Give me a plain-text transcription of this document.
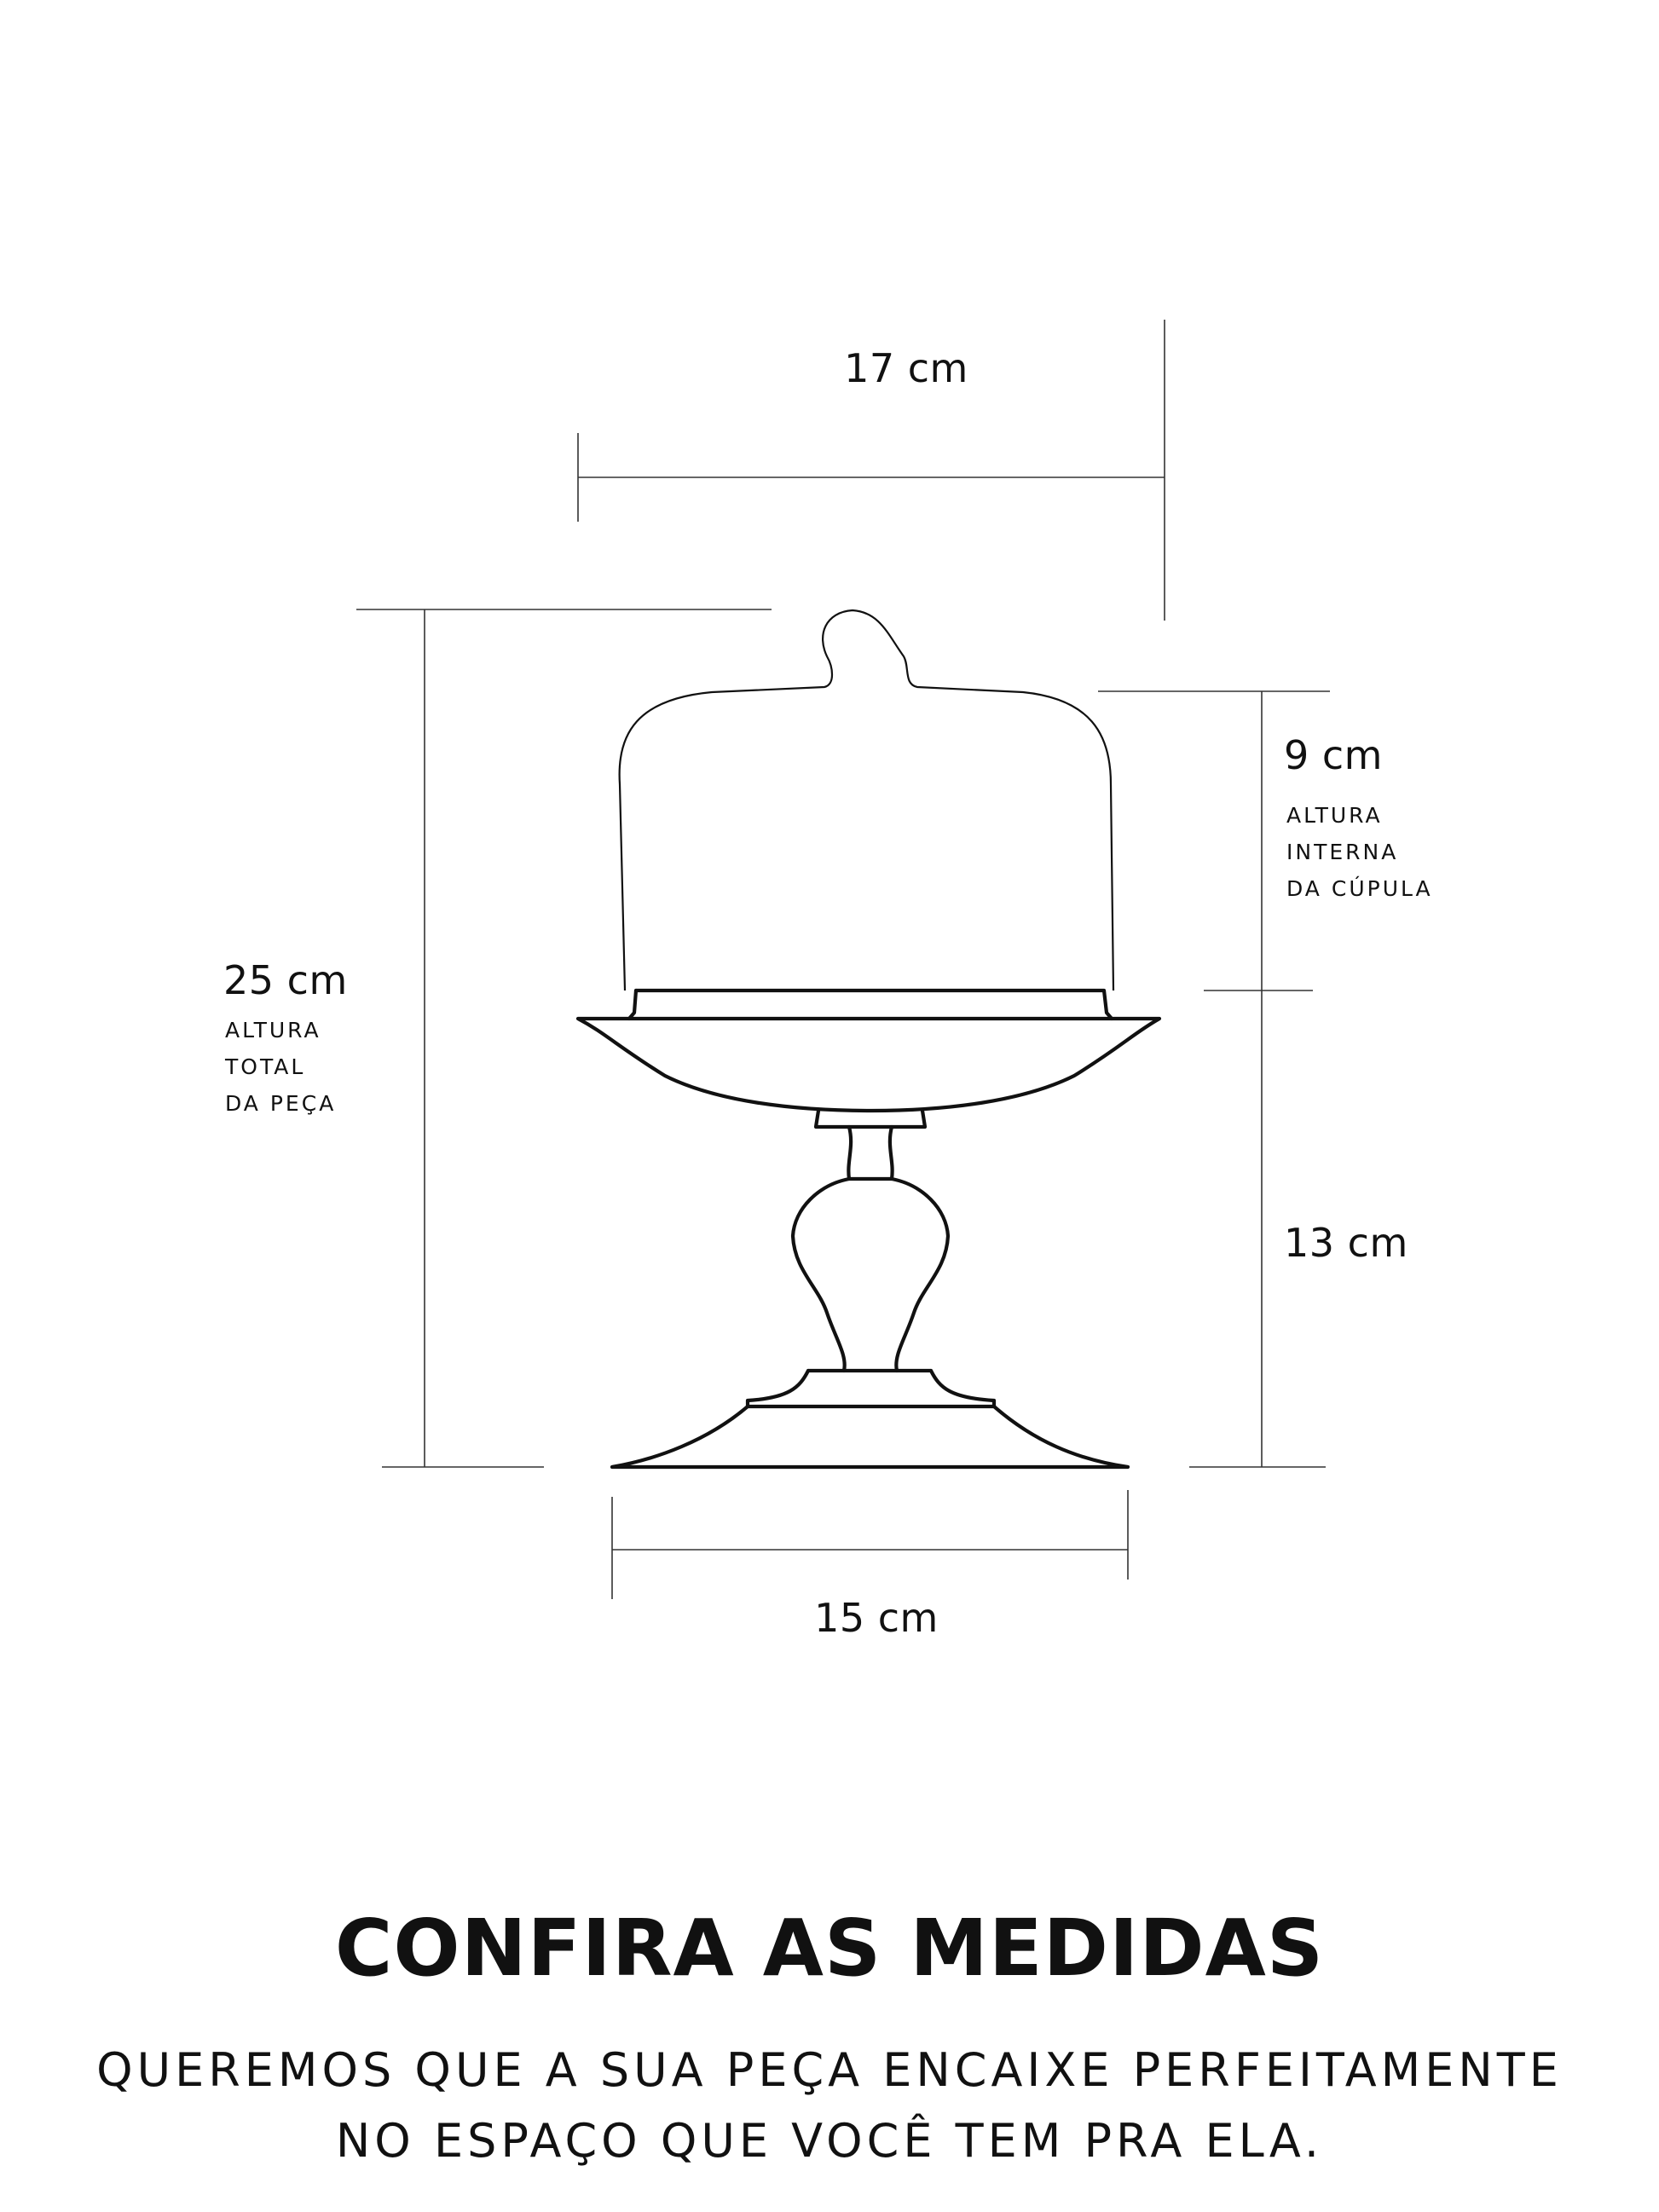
17 cm
25 cm
ALTURA
TOTAL
DA PEÇA
9 cm
ALTURA
INTERNA
DA CÚPULA
13 cm
15 cm
CONFIRA AS MEDIDAS
QUEREMOS QUE A SUA PEÇA ENCAIXE PERFEITAMENTE
NO ESPAÇO QUE VOCÊ TEM PRA ELA.
